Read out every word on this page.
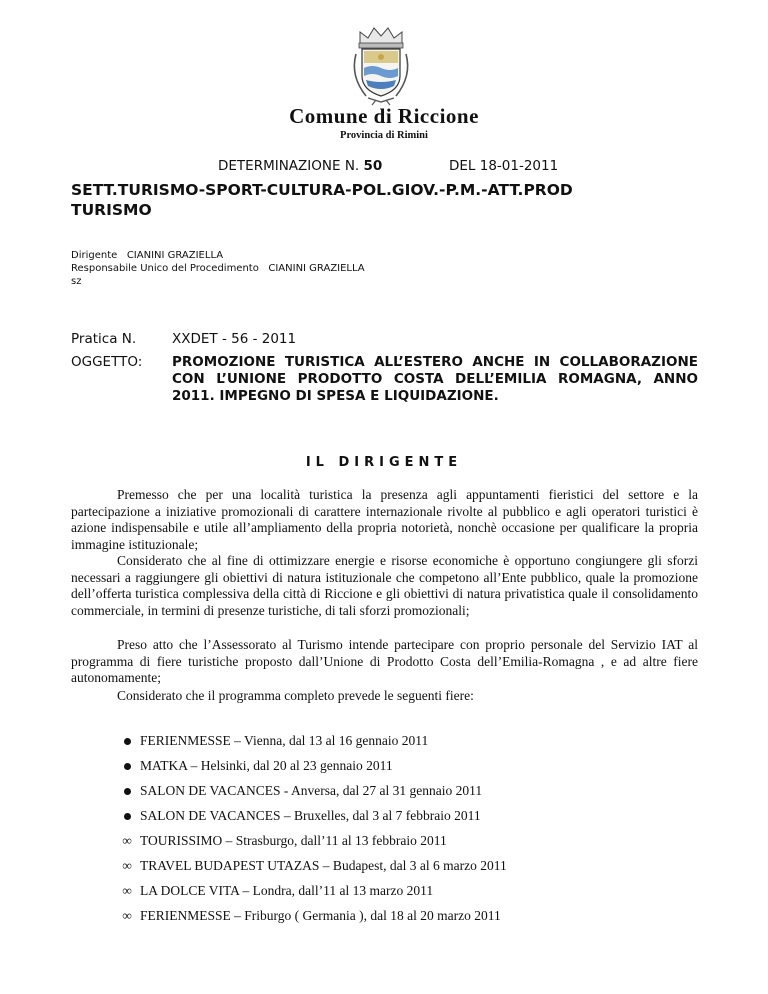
Comune di Riccione
Provincia di Rimini
DETERMINAZIONE N. 50	DEL 18-01-2011
SETT.TURISMO-SPORT-CULTURA-POL.GIOV.-P.M.-ATT.PROD TURISMO
Dirigente   CIANINI GRAZIELLA
Responsabile Unico del Procedimento   CIANINI GRAZIELLA
sz
Pratica N.	XXDET - 56 - 2011
OGGETTO: PROMOZIONE TURISTICA ALL’ESTERO ANCHE IN COLLABORAZIONE CON L’UNIONE PRODOTTO COSTA DELL’EMILIA ROMAGNA, ANNO 2011. IMPEGNO DI SPESA E LIQUIDAZIONE.
IL DIRIGENTE
Premesso che per una località turistica la presenza agli appuntamenti fieristici del settore e la partecipazione a iniziative promozionali di carattere internazionale rivolte al pubblico e agli operatori turistici è azione indispensabile e utile all’ampliamento della propria notorietà, nonchè occasione per qualificare la propria immagine istituzionale;
Considerato che al fine di ottimizzare energie e risorse economiche è opportuno congiungere gli sforzi necessari a raggiungere gli obiettivi di natura istituzionale che competono all’Ente pubblico, quale la promozione dell’offerta turistica complessiva della città di Riccione e gli obiettivi di natura privatistica quale il consolidamento commerciale, in termini di presenze turistiche, di tali sforzi promozionali;
Preso atto che l’Assessorato al Turismo intende partecipare con proprio personale del Servizio IAT al programma di fiere turistiche proposto dall’Unione di Prodotto Costa dell’Emilia-Romagna , e ad altre fiere autonomamente;
Considerato che il programma completo prevede le seguenti fiere:
FERIENMESSE – Vienna, dal 13 al 16 gennaio 2011
MATKA – Helsinki, dal 20 al 23 gennaio 2011
SALON DE VACANCES - Anversa, dal 27 al 31 gennaio 2011
SALON DE VACANCES – Bruxelles, dal 3 al 7 febbraio 2011
∞ TOURISSIMO – Strasburgo, dall’11 al 13 febbraio 2011
∞ TRAVEL BUDAPEST UTAZAS – Budapest, dal 3 al 6 marzo 2011
∞ LA DOLCE VITA – Londra, dall’11 al 13 marzo 2011
∞ FERIENMESSE – Friburgo ( Germania ), dal 18 al 20 marzo 2011
